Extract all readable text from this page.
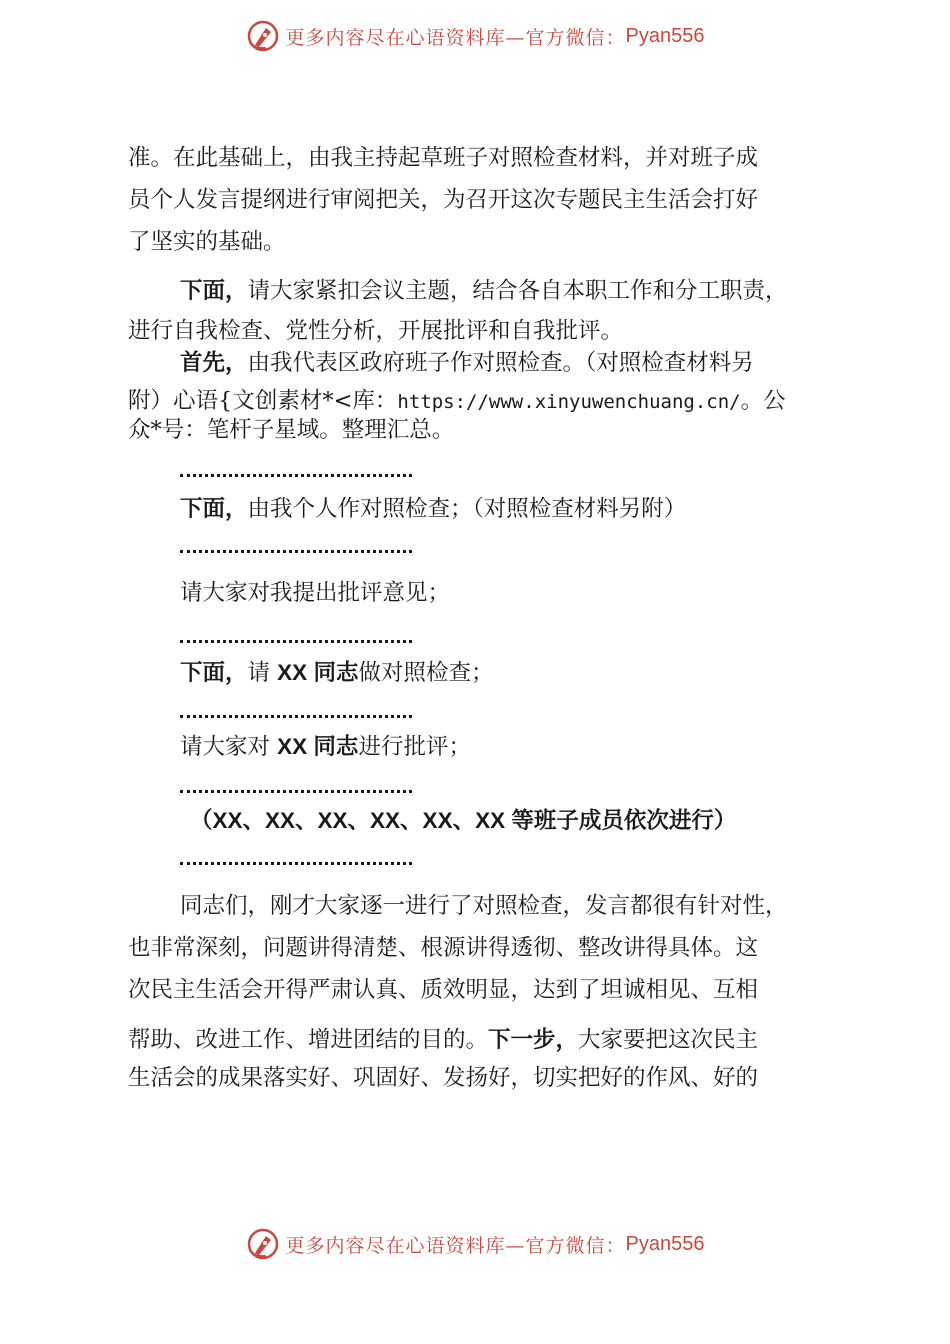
更多内容尽在心语资料库—官方微信： Pyan556
准。在此基础上，由我主持起草班子对照检查材料，并对班子成
员个人发言提纲进行审阅把关，为召开这次专题民主生活会打好
了坚实的基础。
下面，请大家紧扣会议主题，结合各自本职工作和分工职责，
进行自我检查、党性分析，开展批评和自我批评。
首先，由我代表区政府班子作对照检查。（对照检查材料另
附）心语{文创素材*<库：https://www.xinyuwenchuang.cn/。公
众*号：笔杆子星域。整理汇总。
下面，由我个人作对照检查；（对照检查材料另附）
请大家对我提出批评意见；
下面，请 XX 同志做对照检查；
请大家对 XX 同志进行批评；
（XX、XX、XX、XX、XX、XX 等班子成员依次进行）
同志们，刚才大家逐一进行了对照检查，发言都很有针对性，
也非常深刻，问题讲得清楚、根源讲得透彻、整改讲得具体。这
次民主生活会开得严肃认真、质效明显，达到了坦诚相见、互相
帮助、改进工作、增进团结的目的。下一步，大家要把这次民主
生活会的成果落实好、巩固好、发扬好，切实把好的作风、好的
更多内容尽在心语资料库—官方微信： Pyan556
